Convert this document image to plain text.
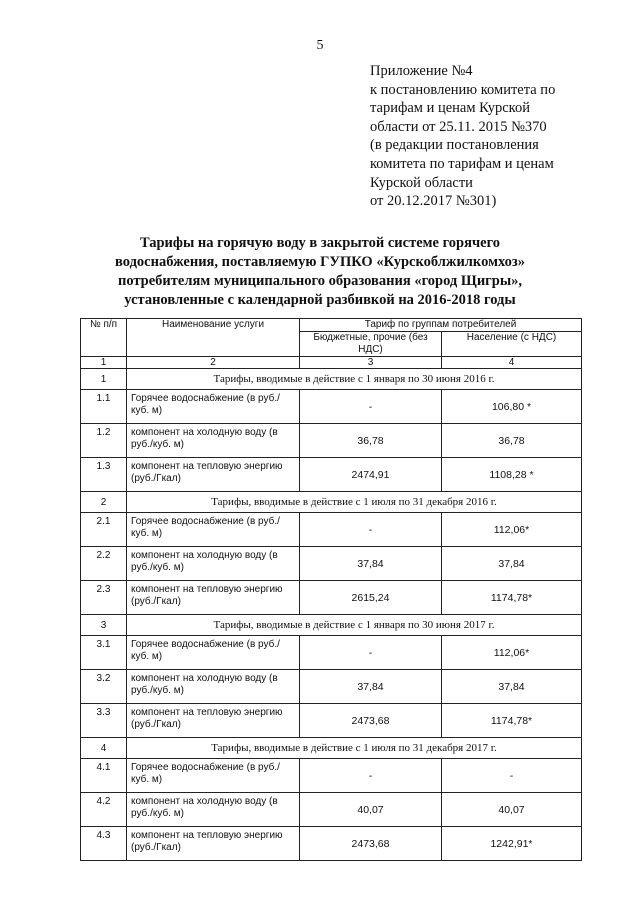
5
Приложение №4
к постановлению комитета по
тарифам и ценам Курской
области от 25.11. 2015 №370
(в редакции постановления
комитета по тарифам и ценам
Курской области
от 20.12.2017 №301)
Тарифы на горячую воду в закрытой системе горячего
водоснабжения, поставляемую ГУПКО «Курскоблжилкомхоз»
потребителям муниципального образования «город Щигры»,
установленные с календарной разбивкой на 2016-2018 годы
№ п/п	Наименование услуги	Тариф по группам потребителей	
		Бюджетные, прочие (без НДС)	Население (с НДС)
1	2	3	4
1	Тарифы, вводимые в действие с 1 января по 30 июня 2016 г.		
1.1	Горячее водоснабжение (в руб./куб. м)	-	106,80 *
1.2	компонент на холодную воду (в руб./куб. м)	36,78	36,78
1.3	компонент на тепловую энергию (руб./Гкал)	2474,91	1108,28 *
2	Тарифы, вводимые в действие с 1 июля по 31 декабря 2016 г.		
2.1	Горячее водоснабжение (в руб./куб. м)	-	112,06*
2.2	компонент на холодную воду (в руб./куб. м)	37,84	37,84
2.3	компонент на тепловую энергию (руб./Гкал)	2615,24	1174,78*
3	Тарифы, вводимые в действие с 1 января по 30 июня 2017 г.		
3.1	Горячее водоснабжение (в руб./куб. м)	-	112,06*
3.2	компонент на холодную воду (в руб./куб. м)	37,84	37,84
3.3	компонент на тепловую энергию (руб./Гкал)	2473,68	1174,78*
4	Тарифы, вводимые в действие с 1 июля по 31 декабря 2017 г.		
4.1	Горячее водоснабжение (в руб./куб. м)	-	-
4.2	компонент на холодную воду (в руб./куб. м)	40,07	40,07
4.3	компонент на тепловую энергию (руб./Гкал)	2473,68	1242,91*
